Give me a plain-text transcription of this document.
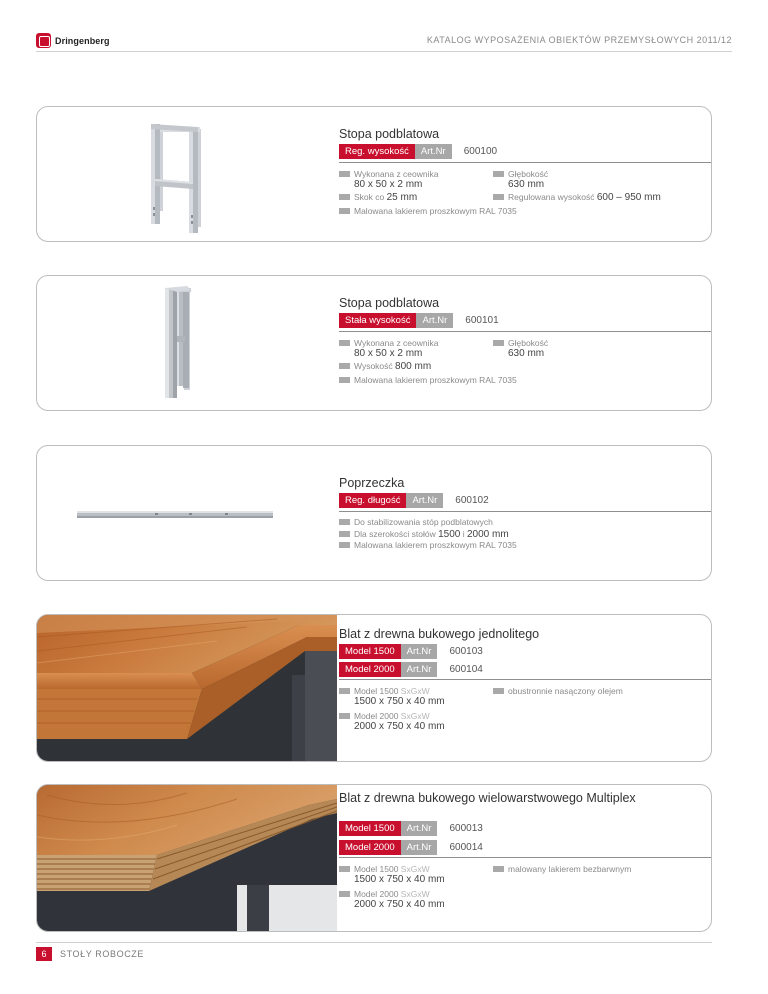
Dringenberg	KATALOG WYPOSAŻENIA OBIEKTÓW PRZEMYSŁOWYCH 2011/12
Stopa podblatowa
Reg. wysokość	Art.Nr	600100
Wykonana z ceownika
80 x 50 x 2 mm
Głębokość
630 mm
Skok co 25 mm	Regulowana wysokość 600 – 950 mm
Malowana lakierem proszkowym RAL 7035
Stopa podblatowa
Stała wysokość	Art.Nr	600101
Wykonana z ceownika
80 x 50 x 2 mm
Głębokość
630 mm
Wysokość 800 mm
Malowana lakierem proszkowym RAL 7035
Poprzeczka
Reg. długość	Art.Nr	600102
Do stabilizowania stóp podblatowych
Dla szerokości stołów 1500 i 2000 mm
Malowana lakierem proszkowym RAL 7035
Blat z drewna bukowego jednolitego
Model 1500	Art.Nr	600103
Model 2000	Art.Nr	600104
Model 1500 SxGxW
1500 x 750 x 40 mm
obustronnie nasączony olejem
Model 2000 SxGxW
2000 x 750 x 40 mm
Blat z drewna bukowego wielowarstwowego Multiplex
Model 1500	Art.Nr	600013
Model 2000	Art.Nr	600014
Model 1500 SxGxW
1500 x 750 x 40 mm
malowany lakierem bezbarwnym
Model 2000 SxGxW
2000 x 750 x 40 mm
6	STOŁY ROBOCZE
